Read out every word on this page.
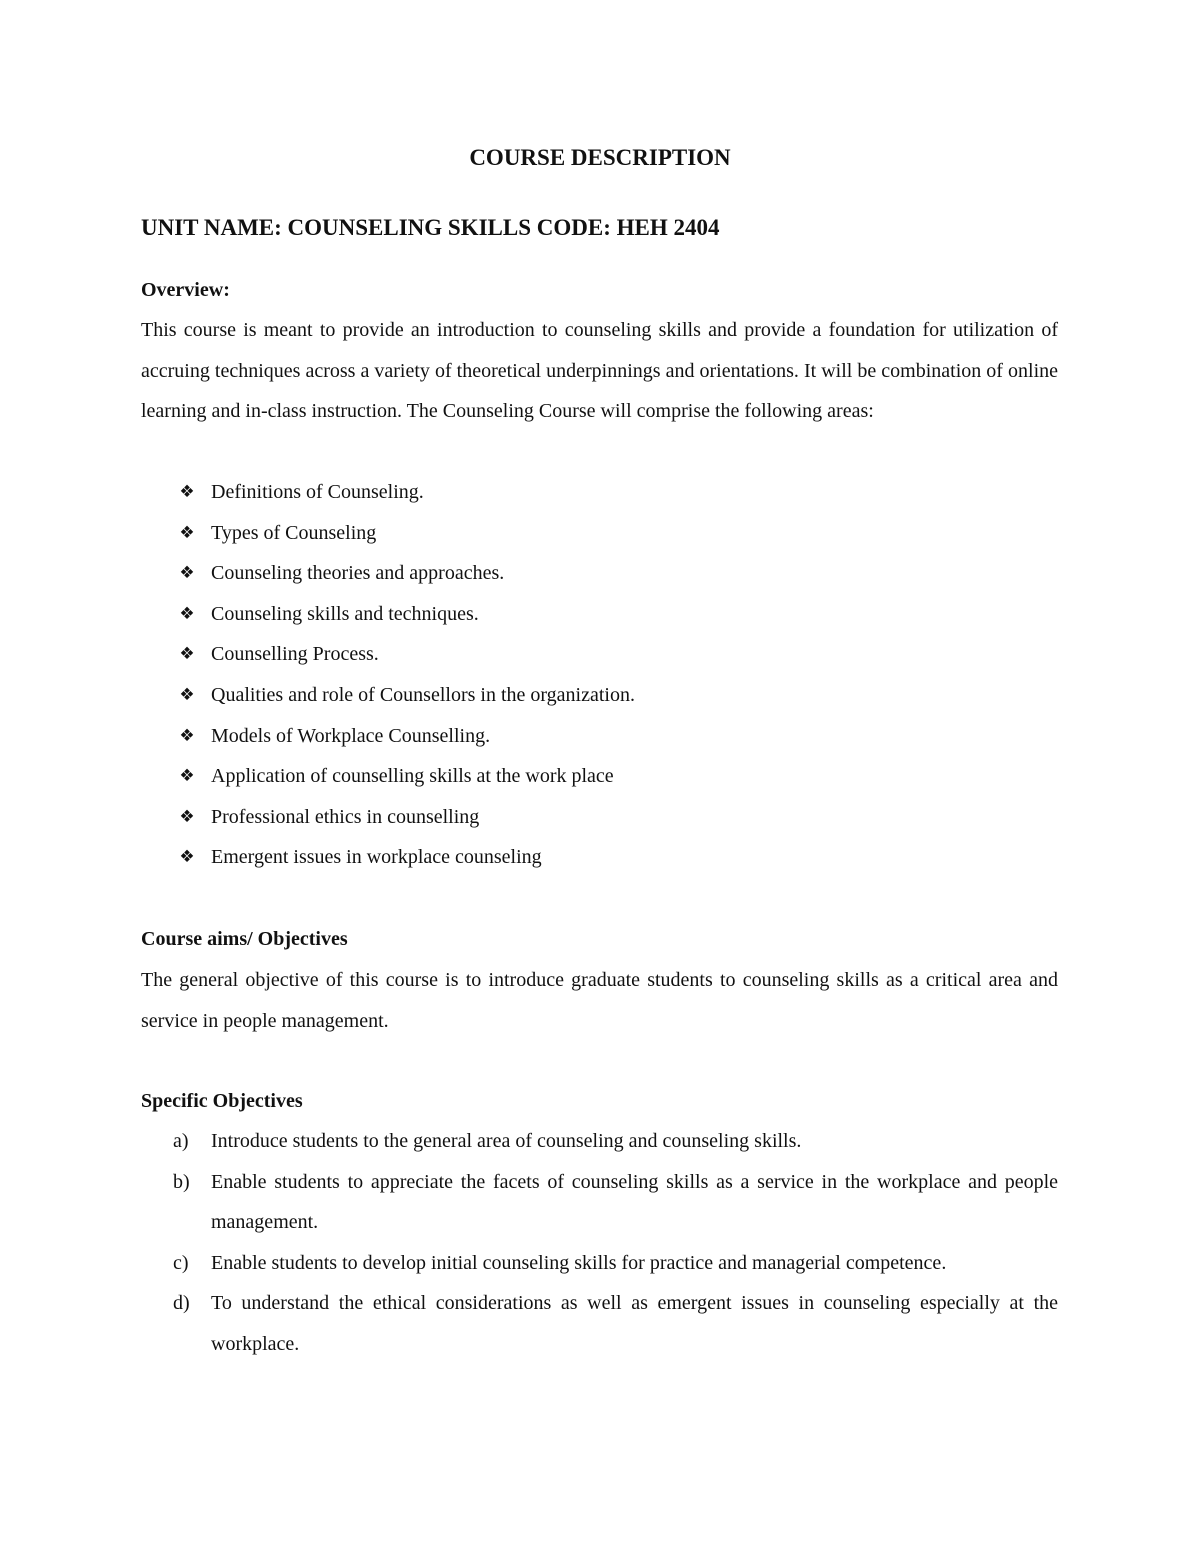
COURSE DESCRIPTION
UNIT NAME: COUNSELING SKILLS CODE: HEH 2404
Overview:

This course is meant to provide an introduction to counseling skills and provide a foundation for utilization of accruing techniques across a variety of theoretical underpinnings and orientations. It will be combination of online learning and in-class instruction. The Counseling Course will comprise the following areas:

❖ Definitions of Counseling.
❖ Types of Counseling
❖ Counseling theories and approaches.
❖ Counseling skills and techniques.
❖ Counselling Process.
❖ Qualities and role of Counsellors in the organization.
❖ Models of Workplace Counselling.
❖ Application of counselling skills at the work place
❖ Professional ethics in counselling
❖ Emergent issues in workplace counseling
Course aims/ Objectives

The general objective of this course is to introduce graduate students to counseling skills as a critical area and service in people management.

Specific Objectives
a) Introduce students to the general area of counseling and counseling skills.
b) Enable students to appreciate the facets of counseling skills as a service in the workplace and people management.
c) Enable students to develop initial counseling skills for practice and managerial competence.
d) To understand the ethical considerations as well as emergent issues in counseling especially at the workplace.
